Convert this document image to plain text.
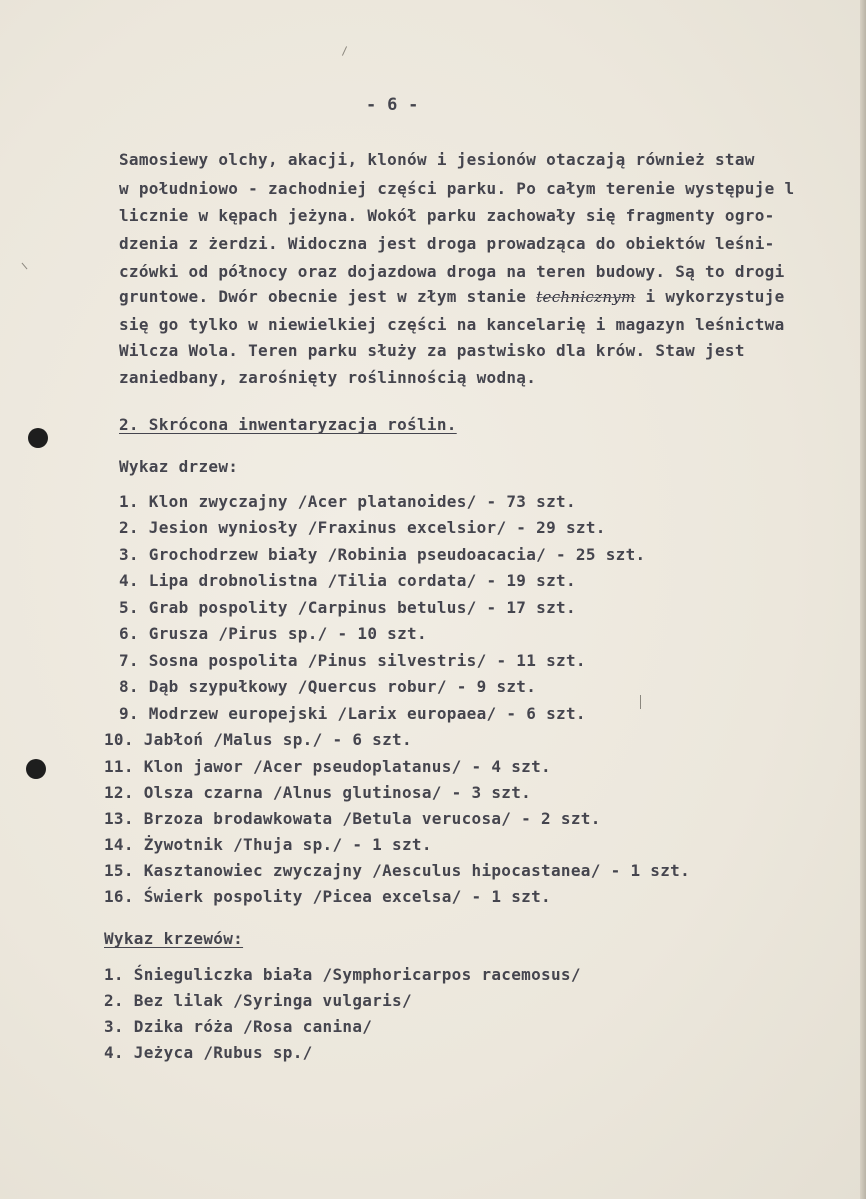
- 6 -
Samosiewy olchy, akacji, klonów i jesionów otaczają również staw
w południowo - zachodniej części parku. Po całym terenie występuje l
licznie w kępach jeżyna. Wokół parku zachowały się fragmenty ogro-
dzenia z żerdzi. Widoczna jest droga prowadząca do obiektów leśni-
czówki od północy oraz dojazdowa droga na teren budowy. Są to drogi
gruntowe. Dwór obecnie jest w złym stanie technicznym i wykorzystuje
się go tylko w niewielkiej części na kancelarię i magazyn leśnictwa
Wilcza Wola. Teren parku służy za pastwisko dla krów. Staw jest
zaniedbany, zarośnięty roślinnością wodną.
2. Skrócona inwentaryzacja roślin.
Wykaz drzew:
1. Klon zwyczajny /Acer platanoides/ - 73 szt.
2. Jesion wyniosły /Fraxinus excelsior/ - 29 szt.
3. Grochodrzew biały /Robinia pseudoacacia/ - 25 szt.
4. Lipa drobnolistna /Tilia cordata/ - 19 szt.
5. Grab pospolity /Carpinus betulus/ - 17 szt.
6. Grusza /Pirus sp./ - 10 szt.
7. Sosna pospolita /Pinus silvestris/ - 11 szt.
8. Dąb szypułkowy /Quercus robur/ - 9 szt.
9. Modrzew europejski /Larix europaea/ - 6 szt.
10. Jabłoń /Malus sp./ - 6 szt.
11. Klon jawor /Acer pseudoplatanus/ - 4 szt.
12. Olsza czarna /Alnus glutinosa/ - 3 szt.
13. Brzoza brodawkowata /Betula verucosa/ - 2 szt.
14. Żywotnik /Thuja sp./ - 1 szt.
15. Kasztanowiec zwyczajny /Aesculus hipocastanea/ - 1 szt.
16. Świerk pospolity /Picea excelsa/ - 1 szt.
Wykaz krzewów:
1. Śnieguliczka biała /Symphoricarpos racemosus/
2. Bez lilak /Syringa vulgaris/
3. Dzika róża /Rosa canina/
4. Jeżyca /Rubus sp./
